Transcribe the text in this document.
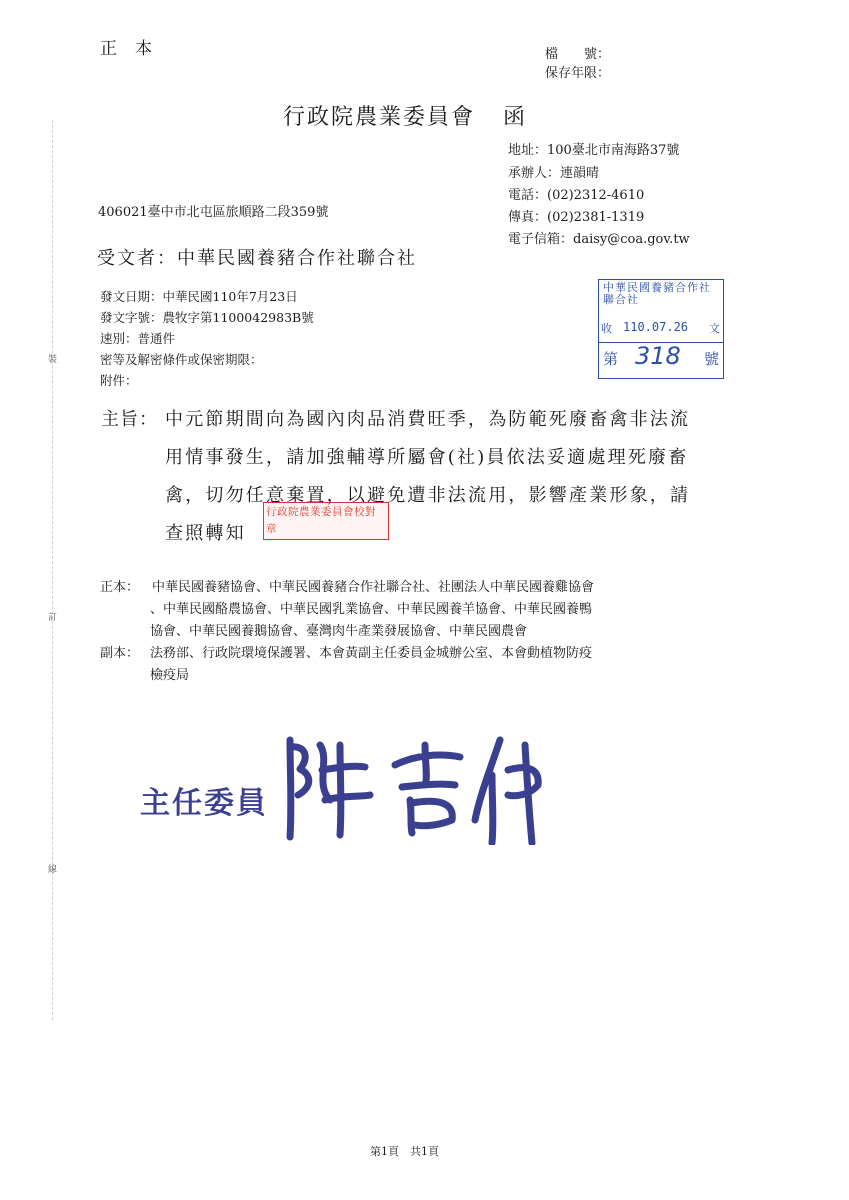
裝
訂
線
正本	檔　　號：
保存年限：
行政院農業委員會 函
地址：100臺北市南海路37號
承辦人：連韻晴
電話：(02)2312-4610
傳真：(02)2381-1319
電子信箱：daisy@coa.gov.tw
406021臺中市北屯區旅順路二段359號
受文者：中華民國養豬合作社聯合社
發文日期：中華民國110年7月23日
發文字號：農牧字第1100042983B號
速別：普通件
密等及解密條件或保密期限：
附件：
中華民國養豬合作社聯合社
收 110.07.26 文
第 318 號
主旨： 中元節期間向為國內肉品消費旺季，為防範死廢畜禽非法流
用情事發生，請加強輔導所屬會(社)員依法妥適處理死廢畜
禽，切勿任意棄置，以避免遭非法流用，影響產業形象，請
查照轉知
行政院農業委員會校對章
正本： 中華民國養豬協會、中華民國養豬合作社聯合社、社團法人中華民國養雞協會
、中華民國酪農協會、中華民國乳業協會、中華民國養羊協會、中華民國養鴨
協會、中華民國養鵝協會、臺灣肉牛產業發展協會、中華民國農會
副本： 法務部、行政院環境保護署、本會黃副主任委員金城辦公室、本會動植物防疫
檢疫局
主任委員
第1頁　共1頁
